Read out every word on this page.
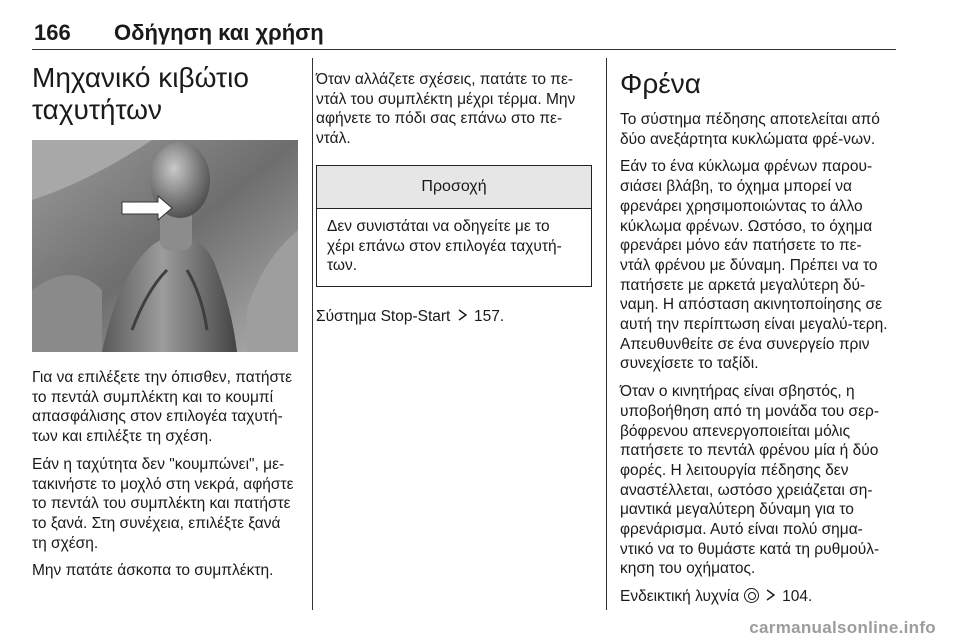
166 Οδήγηση και χρήση
Μηχανικό κιβώτιο
ταχυτήτων

Για να επιλέξετε την όπισθεν, πατήστε το πεντάλ συμπλέκτη και το κουμπί απασφάλισης στον επιλογέα ταχυτή-των και επιλέξτε τη σχέση.

Εάν η ταχύτητα δεν "κουμπώνει", με-τακινήστε το μοχλό στη νεκρά, αφήστε το πεντάλ του συμπλέκτη και πατήστε το ξανά. Στη συνέχεια, επιλέξτε ξανά τη σχέση.

Μην πατάτε άσκοπα το συμπλέκτη.

Όταν αλλάζετε σχέσεις, πατάτε το πε-ντάλ του συμπλέκτη μέχρι τέρμα. Μην αφήνετε το πόδι σας επάνω στο πε-ντάλ.

Προσοχή
Δεν συνιστάται να οδηγείτε με το χέρι επάνω στον επιλογέα ταχυτή-των.

Σύστημα Stop-Start 157.

Φρένα

Το σύστημα πέδησης αποτελείται από δύο ανεξάρτητα κυκλώματα φρέ-νων.

Εάν το ένα κύκλωμα φρένων παρου-σιάσει βλάβη, το όχημα μπορεί να φρενάρει χρησιμοποιώντας το άλλο κύκλωμα φρένων. Ωστόσο, το όχημα φρενάρει μόνο εάν πατήσετε το πε-ντάλ φρένου με δύναμη. Πρέπει να το πατήσετε με αρκετά μεγαλύτερη δύ-ναμη. Η απόσταση ακινητοποίησης σε αυτή την περίπτωση είναι μεγαλύ-τερη. Απευθυνθείτε σε ένα συνεργείο πριν συνεχίσετε το ταξίδι.

Όταν ο κινητήρας είναι σβηστός, η υποβοήθηση από τη μονάδα του σερ-βόφρενου απενεργοποιείται μόλις πατήσετε το πεντάλ φρένου μία ή δύο φορές. Η λειτουργία πέδησης δεν αναστέλλεται, ωστόσο χρειάζεται ση-μαντικά μεγαλύτερη δύναμη για το φρενάρισμα. Αυτό είναι πολύ σημα-ντικό να το θυμάστε κατά τη ρυθμούλ-κηση του οχήματος.

Ενδεικτική λυχνία	104.

carmanualsonline.info
